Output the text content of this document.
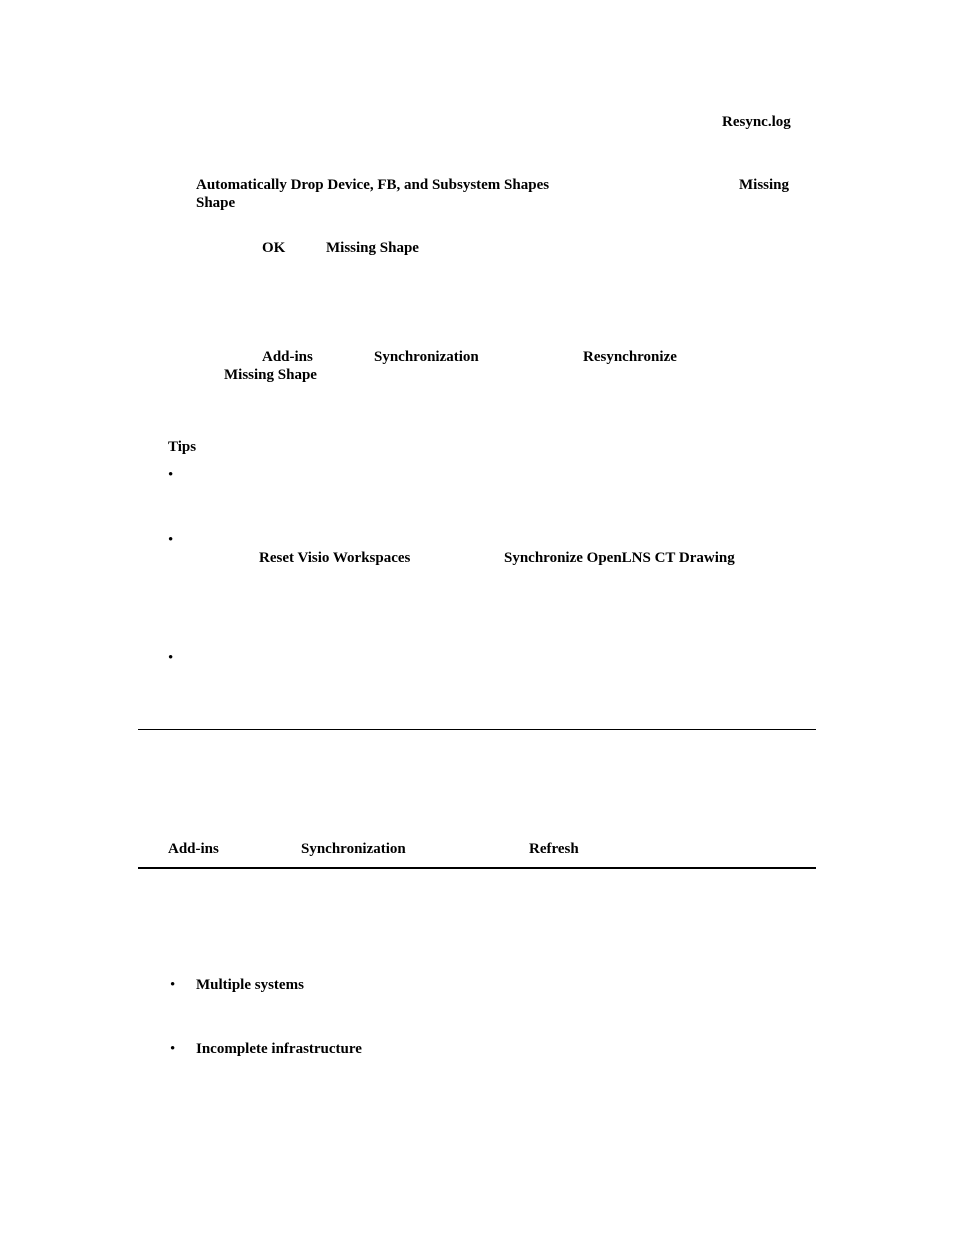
Resync.log
Automatically Drop Device, FB, and Subsystem Shapes	Missing
Shape
OK	Missing Shape
Add-ins	Synchronization	Resynchronize
Missing Shape
Tips
•
•
Reset Visio Workspaces	Synchronize OpenLNS CT Drawing
•
Add-ins	Synchronization	Refresh
• Multiple systems
• Incomplete infrastructure
